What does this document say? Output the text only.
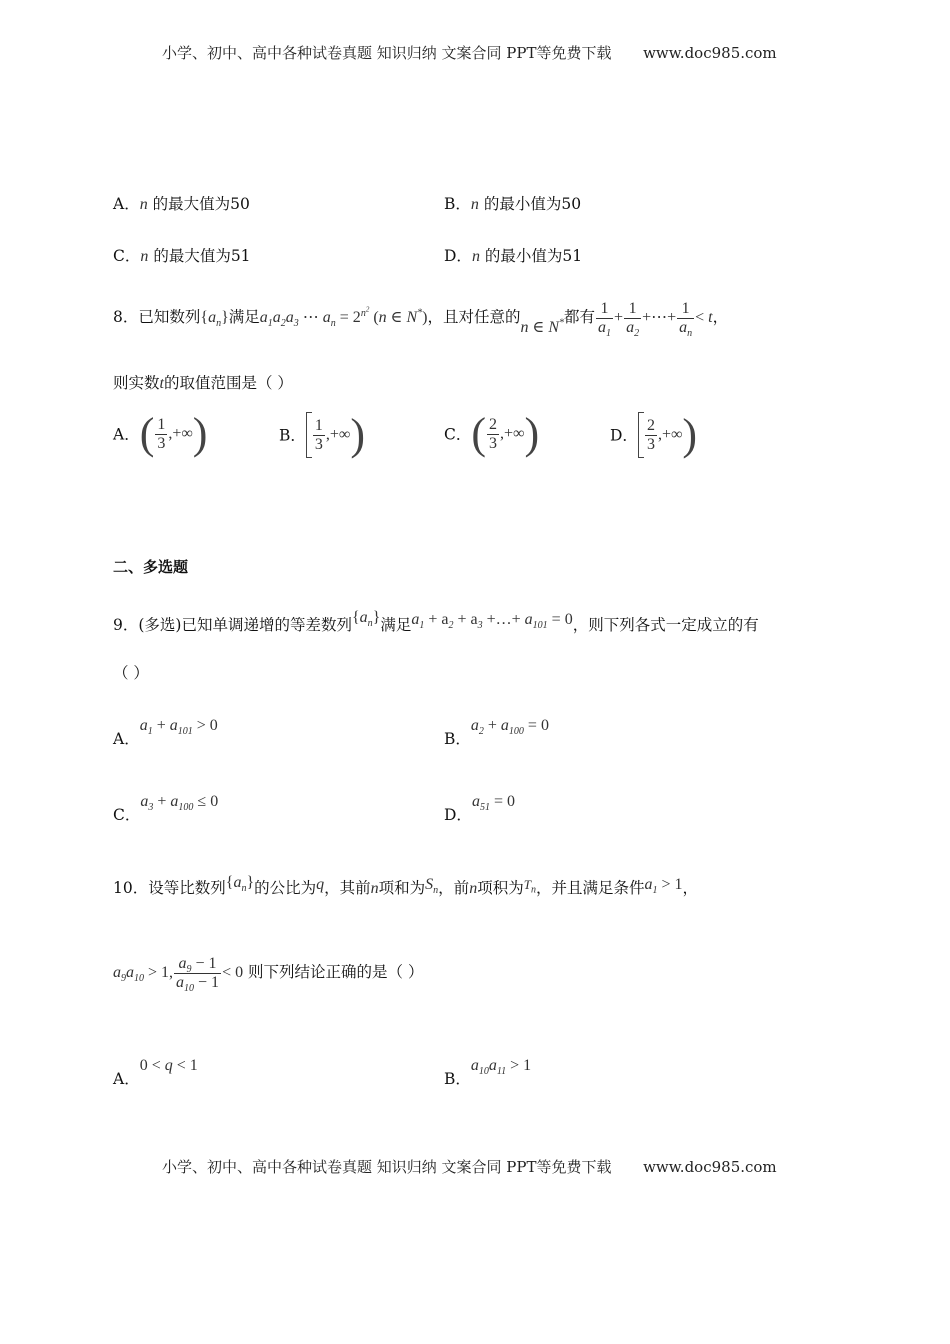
小学、初中、高中各种试卷真题 知识归纳 文案合同 PPT等免费下载 www.doc985.com
A．n 的最大值为50	B．n 的最小值为50
C．n 的最大值为51	D．n 的最小值为51
8．已知数列$\{a_n\}$满足$a_1a_2a_3$ ⋯ $a_n = 2^{n^2}$ (n ∈ N*)，且对任意的n ∈ N*都有 $\frac{1}{a_1} + \frac{1}{a_2}$ +⋯+ $\frac{1}{a_n} < t$，
则实数t的取值范围是（ ）
A．( $\frac{1}{3}$ ,+∞)	B． $\frac{1}{3}$ ,+∞)	C．( $\frac{2}{3}$ ,+∞)	D． $\frac{2}{3}$ ,+∞)
二、多选题
9．(多选)已知单调递增的等差数列$\{a_n\}$满足$a_1 + a_2 + a_3$ +…+ $a_{101} = 0$，则下列各式一定成立的有
（ ）
A．$a_1 + a_{101} > 0$
B．$a_2 + a_{100} = 0$
C．$a_3 + a_{100} \le 0$
D．$a_{51} = 0$
10．设等比数列$\{a_n\}$的公比为q，其前n项和为$S_n$，前n项积为$^{T_n}$，并且满足条件$a_1 > 1$，
$a_9a_{10} > 1$, $\frac{a_9 - 1}{a_{10} - 1} < 0$ 则下列结论正确的是（ ）
A．0 < q < 1
B．$a_{10}a_{11} > 1$
小学、初中、高中各种试卷真题 知识归纳 文案合同 PPT等免费下载 www.doc985.com
